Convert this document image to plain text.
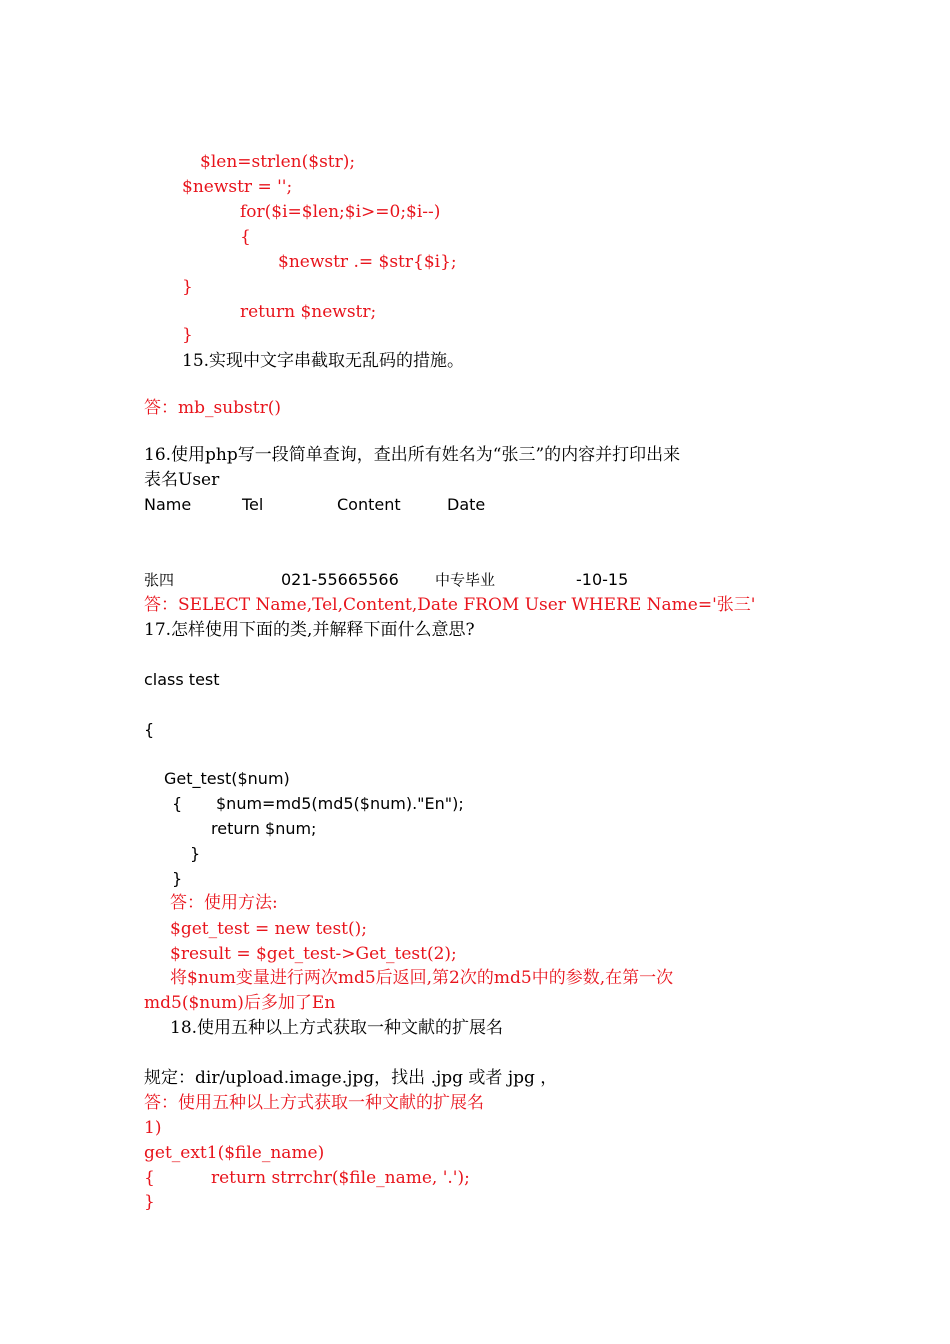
$len=strlen($str);
$newstr = '';
for($i=$len;$i>=0;$i--)
{
$newstr .= $str{$i};
}
return $newstr;
}
15.实现中文字串截取无乱码的措施。
答：mb_substr()
16.使用php写一段简单查询，查出所有姓名为“张三”的内容并打印出来
表名User
Name	Tel	Content	Date
张四	021-55665566 中专毕业	-10-15
答：SELECT Name,Tel,Content,Date FROM User WHERE Name='张三'
17.怎样使用下面的类,并解释下面什么意思?
class test
{
Get_test($num)
{ $num=md5(md5($num)."En");
return $num;
}
}
答：使用方法:
$get_test = new test();
$result = $get_test->Get_test(2);
将$num变量进行两次md5后返回,第2次的md5中的参数,在第一次
md5($num)后多加了En
18.使用五种以上方式获取一种文献的扩展名
规定：dir/upload.image.jpg，找出 .jpg 或者 jpg ，
答：使用五种以上方式获取一种文献的扩展名
1)
get_ext1($file_name)
{	return strrchr($file_name, '.');
}
